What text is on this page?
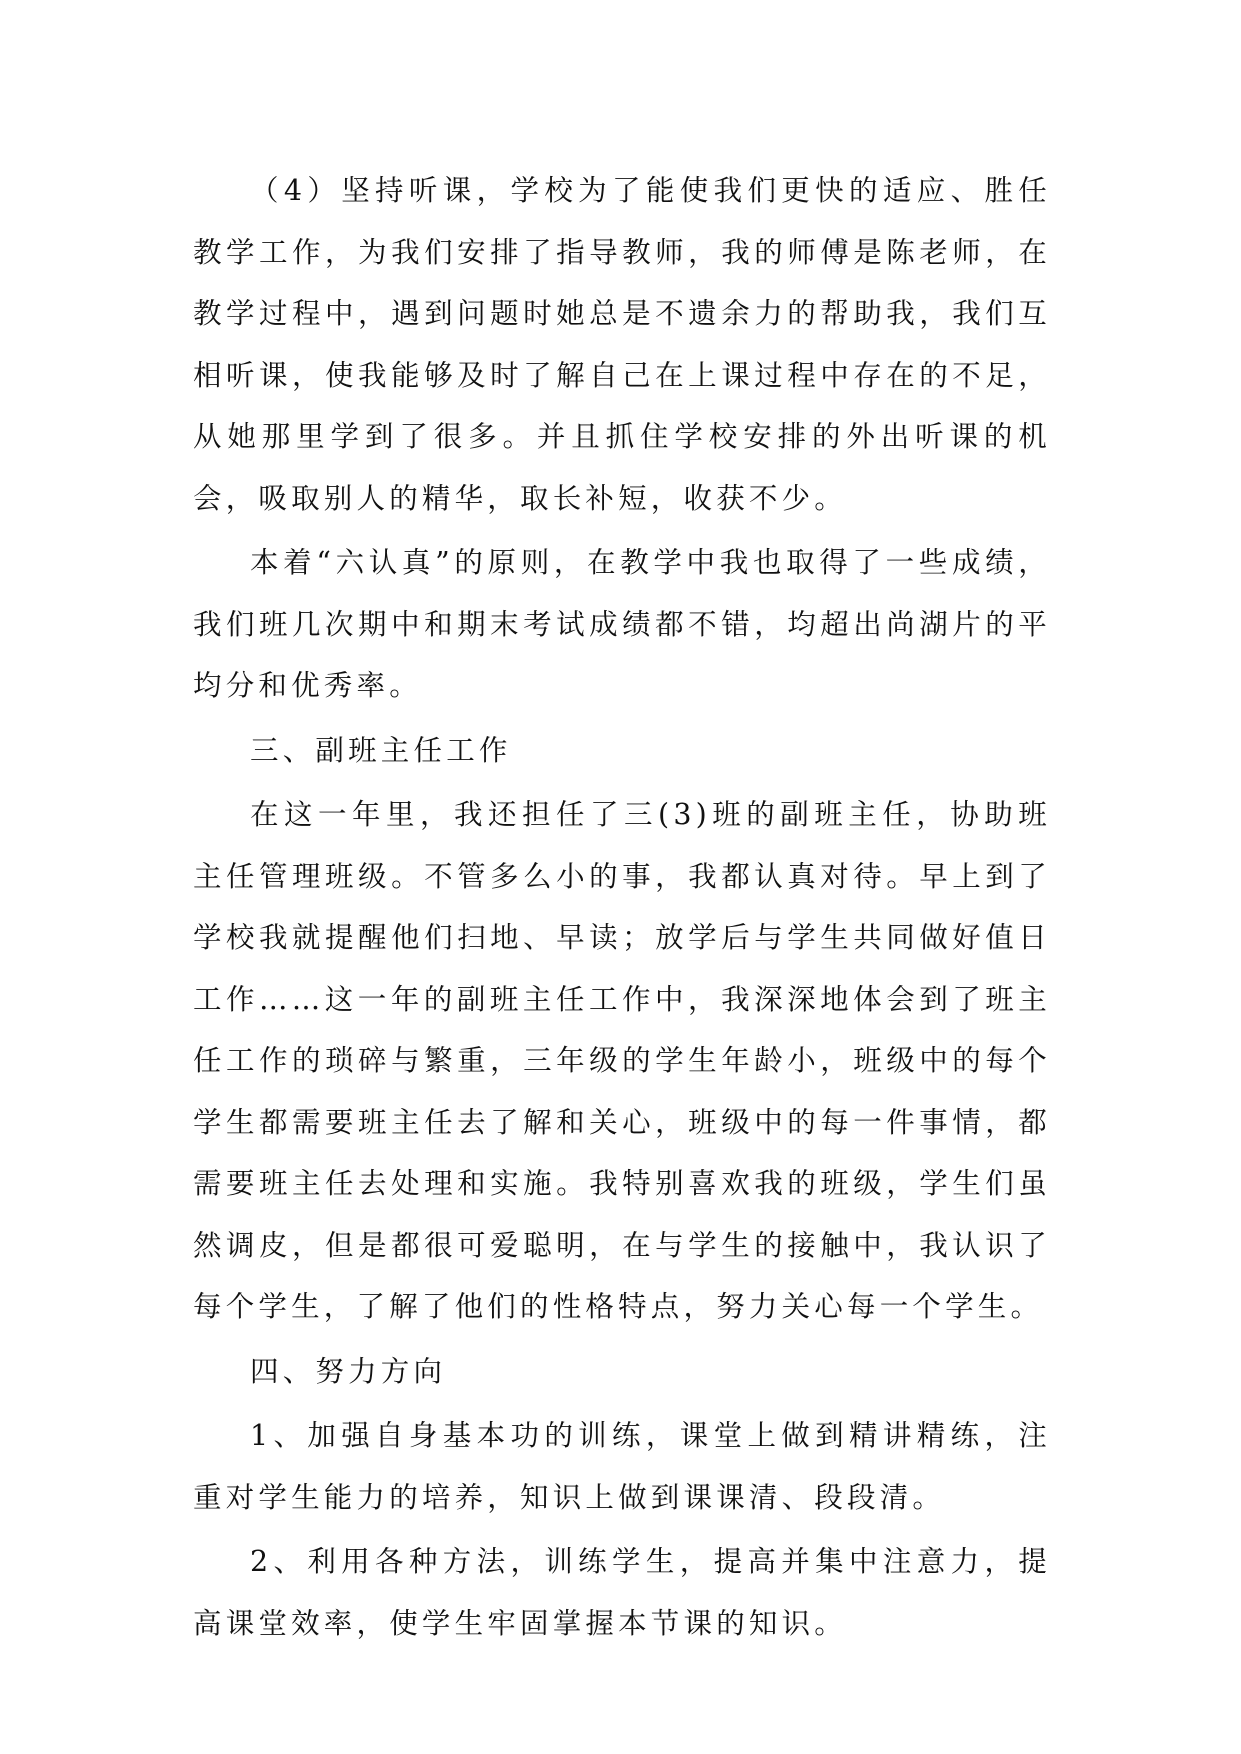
（4）坚持听课，学校为了能使我们更快的适应、胜任教学工作，为我们安排了指导教师，我的师傅是陈老师，在教学过程中，遇到问题时她总是不遗余力的帮助我，我们互相听课，使我能够及时了解自己在上课过程中存在的不足，从她那里学到了很多。并且抓住学校安排的外出听课的机会，吸取别人的精华，取长补短，收获不少。

本着“六认真”的原则，在教学中我也取得了一些成绩，我们班几次期中和期末考试成绩都不错，均超出尚湖片的平均分和优秀率。

三、副班主任工作

在这一年里，我还担任了三(3)班的副班主任，协助班主任管理班级。不管多么小的事，我都认真对待。早上到了学校我就提醒他们扫地、早读；放学后与学生共同做好值日工作……这一年的副班主任工作中，我深深地体会到了班主任工作的琐碎与繁重，三年级的学生年龄小，班级中的每个学生都需要班主任去了解和关心，班级中的每一件事情，都需要班主任去处理和实施。我特别喜欢我的班级，学生们虽然调皮，但是都很可爱聪明，在与学生的接触中，我认识了每个学生，了解了他们的性格特点，努力关心每一个学生。

四、努力方向

1、加强自身基本功的训练，课堂上做到精讲精练，注重对学生能力的培养，知识上做到课课清、段段清。

2、利用各种方法，训练学生，提高并集中注意力，提高课堂效率，使学生牢固掌握本节课的知识。
